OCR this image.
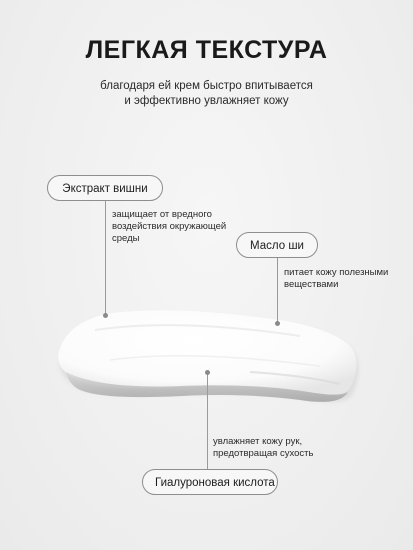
ЛЕГКАЯ ТЕКСТУРА
благодаря ей крем быстро впитывается
и эффективно увлажняет кожу
Экстракт вишни
защищает от вредного
воздействия окружающей
среды
Масло ши
питает кожу полезными
веществами
увлажняет кожу рук,
предотвращая сухость
Гиалуроновая кислота
